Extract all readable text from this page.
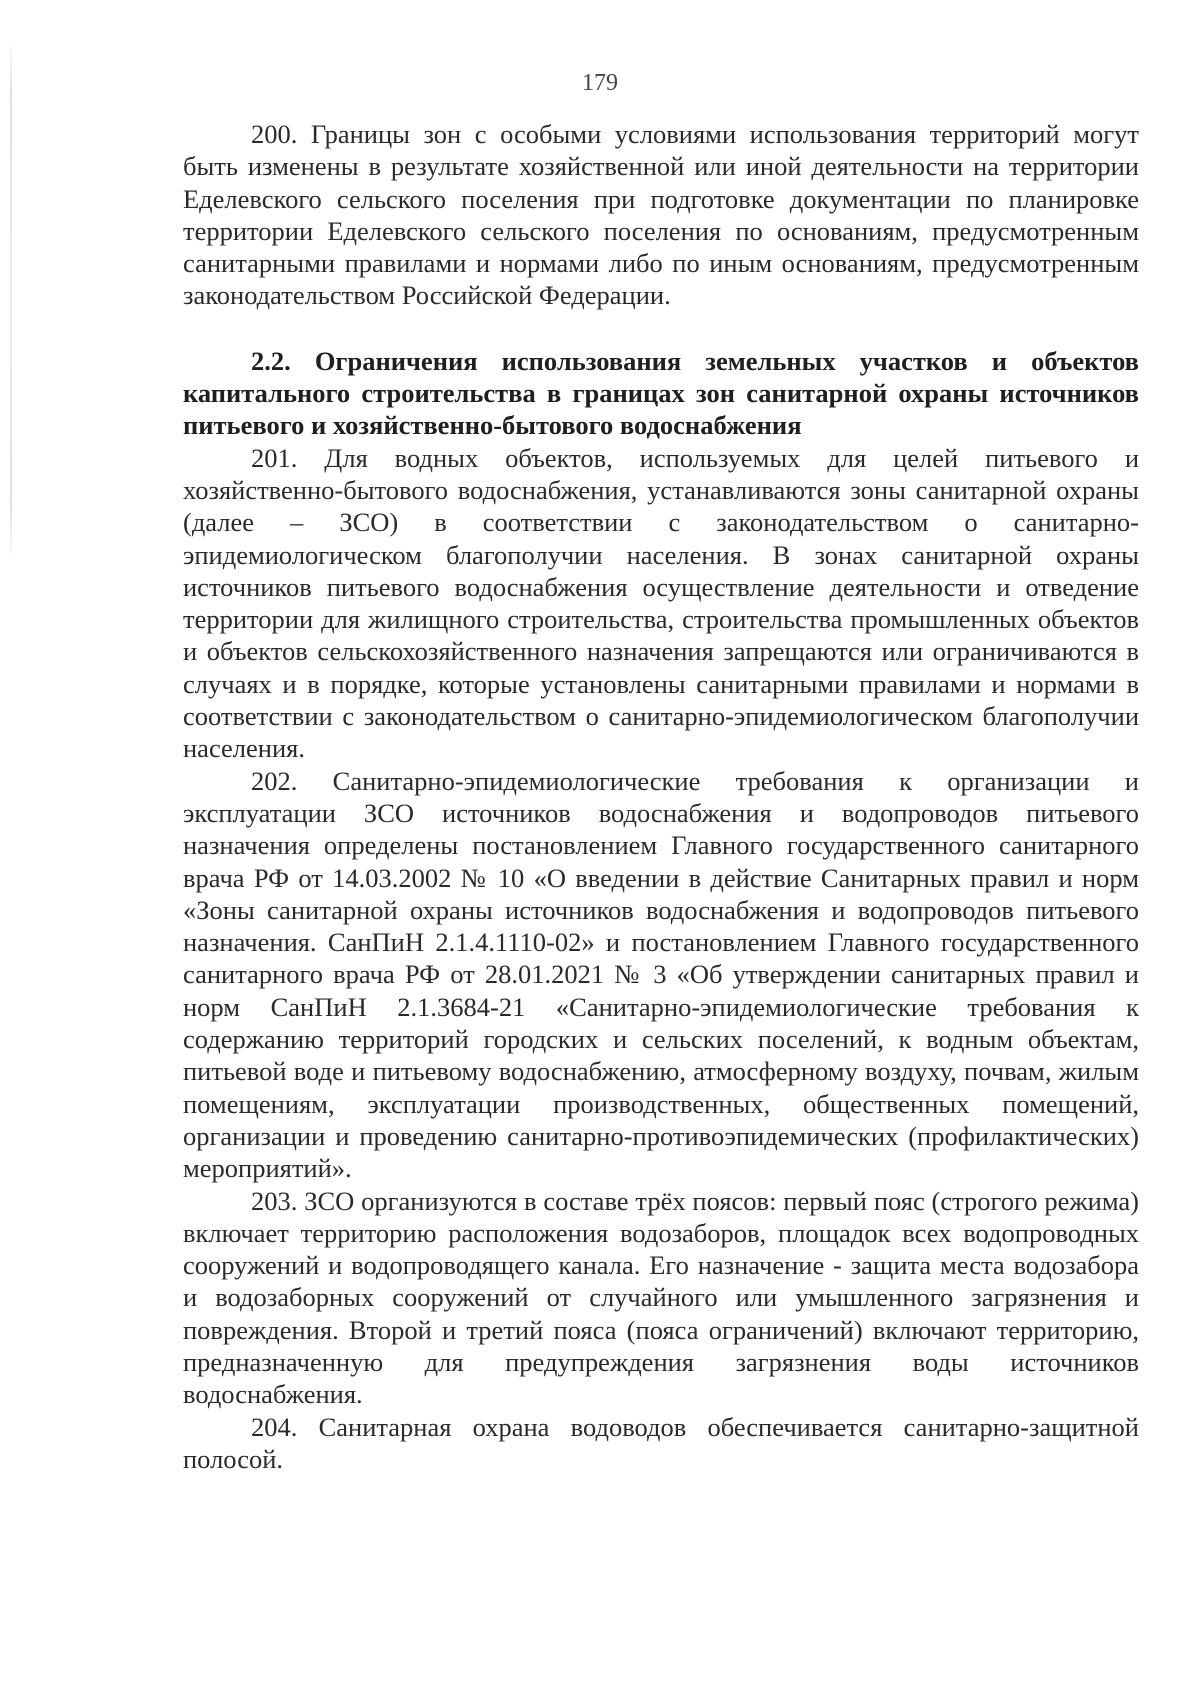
179

200. Границы зон с особыми условиями использования территорий могут быть изменены в результате хозяйственной или иной деятельности на территории Еделевского сельского поселения при подготовке документации по планировке территории Еделевского сельского поселения по основаниям, предусмотренным санитарными правилами и нормами либо по иным основаниям, предусмотренным законодательством Российской Федерации.

2.2. Ограничения использования земельных участков и объектов капитального строительства в границах зон санитарной охраны источников питьевого и хозяйственно-бытового водоснабжения

201. Для водных объектов, используемых для целей питьевого и хозяйственно-бытового водоснабжения, устанавливаются зоны санитарной охраны (далее – ЗСО) в соответствии с законодательством о санитарно-эпидемиологическом благополучии населения. В зонах санитарной охраны источников питьевого водоснабжения осуществление деятельности и отведение территории для жилищного строительства, строительства промышленных объектов и объектов сельскохозяйственного назначения запрещаются или ограничиваются в случаях и в порядке, которые установлены санитарными правилами и нормами в соответствии с законодательством о санитарно-эпидемиологическом благополучии населения.

202. Санитарно-эпидемиологические требования к организации и эксплуатации ЗСО источников водоснабжения и водопроводов питьевого назначения определены постановлением Главного государственного санитарного врача РФ от 14.03.2002 № 10 «О введении в действие Санитарных правил и норм «Зоны санитарной охраны источников водоснабжения и водопроводов питьевого назначения. СанПиН 2.1.4.1110-02» и постановлением Главного государственного санитарного врача РФ от 28.01.2021 № 3 «Об утверждении санитарных правил и норм СанПиН 2.1.3684-21 «Санитарно-эпидемиологические требования к содержанию территорий городских и сельских поселений, к водным объектам, питьевой воде и питьевому водоснабжению, атмосферному воздуху, почвам, жилым помещениям, эксплуатации производственных, общественных помещений, организации и проведению санитарно-противоэпидемических (профилактических) мероприятий».

203. ЗСО организуются в составе трёх поясов: первый пояс (строгого режима) включает территорию расположения водозаборов, площадок всех водопроводных сооружений и водопроводящего канала. Его назначение - защита места водозабора и водозаборных сооружений от случайного или умышленного загрязнения и повреждения. Второй и третий пояса (пояса ограничений) включают территорию, предназначенную для предупреждения загрязнения воды источников водоснабжения.

204. Санитарная охрана водоводов обеспечивается санитарно-защитной полосой.
